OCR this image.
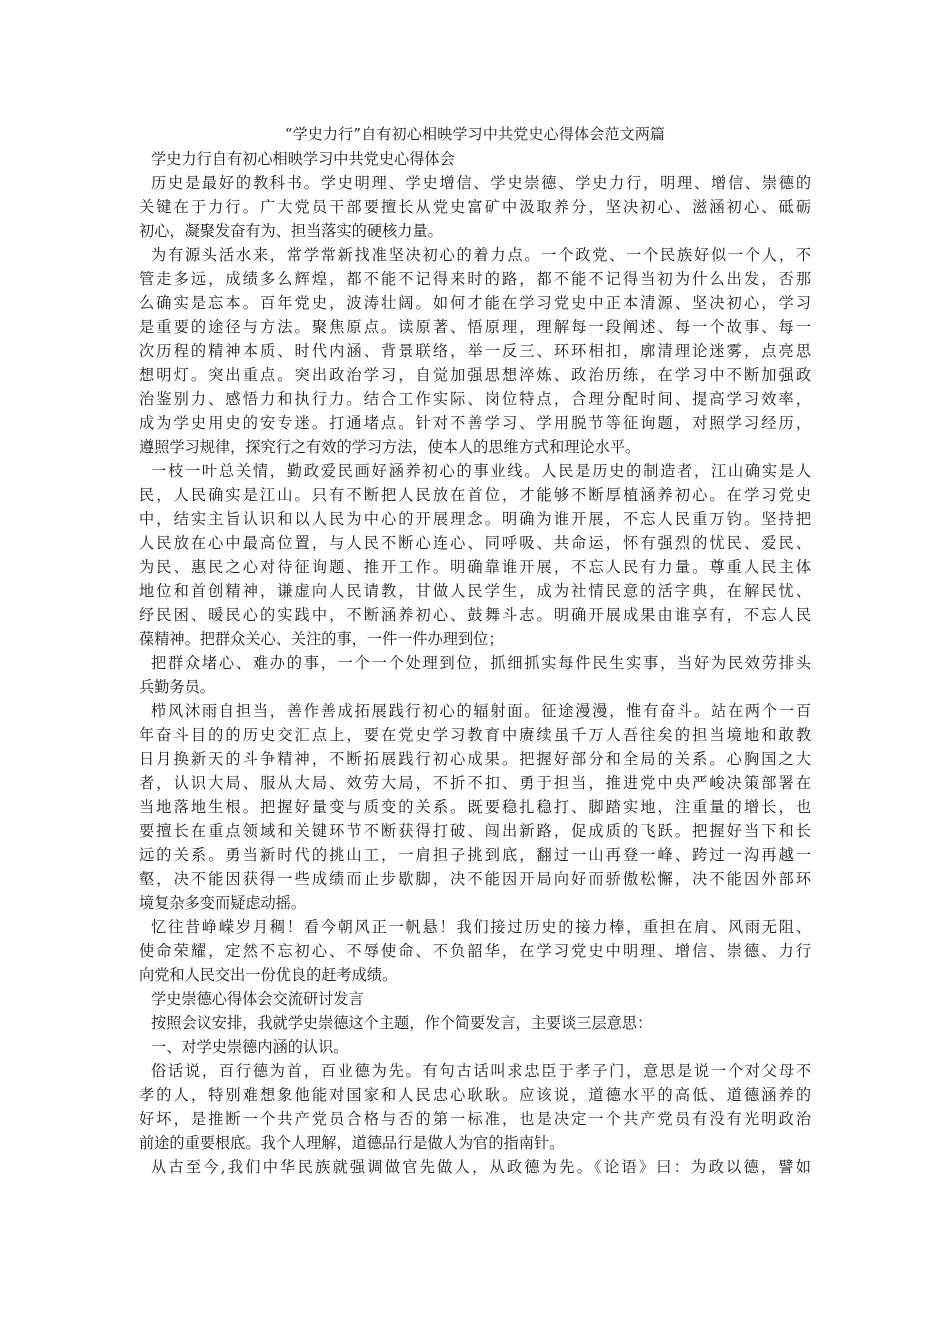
“学史力行”自有初心相映学习中共党史心得体会范文两篇
学史力行自有初心相映学习中共党史心得体会
历史是最好的教科书。学史明理、学史增信、学史崇德、学史力行，明理、增信、崇德的
关键在于力行。广大党员干部要擅长从党史富矿中汲取养分，坚决初心、滋涵初心、砥砺
初心，凝聚发奋有为、担当落实的硬核力量。
为有源头活水来，常学常新找准坚决初心的着力点。一个政党、一个民族好似一个人，不
管走多远，成绩多么辉煌，都不能不记得来时的路，都不能不记得当初为什么出发，否那
么确实是忘本。百年党史，波涛壮阔。如何才能在学习党史中正本清源、坚决初心，学习
是重要的途径与方法。聚焦原点。读原著、悟原理，理解每一段阐述、每一个故事、每一
次历程的精神本质、时代内涵、背景联络，举一反三、环环相扣，廓清理论迷雾，点亮思
想明灯。突出重点。突出政治学习，自觉加强思想淬炼、政治历练，在学习中不断加强政
治鉴别力、感悟力和执行力。结合工作实际、岗位特点，合理分配时间、提高学习效率，
成为学史用史的安专迷。打通堵点。针对不善学习、学用脱节等征询题，对照学习经历，
遵照学习规律，探究行之有效的学习方法，使本人的思维方式和理论水平。
一枝一叶总关情，勤政爱民画好涵养初心的事业线。人民是历史的制造者，江山确实是人
民，人民确实是江山。只有不断把人民放在首位，才能够不断厚植涵养初心。在学习党史
中，结实主旨认识和以人民为中心的开展理念。明确为谁开展，不忘人民重万钧。坚持把
人民放在心中最高位置，与人民不断心连心、同呼吸、共命运，怀有强烈的忧民、爱民、
为民、惠民之心对待征询题、推开工作。明确靠谁开展，不忘人民有力量。尊重人民主体
地位和首创精神，谦虚向人民请教，甘做人民学生，成为社情民意的活字典，在解民忧、
纾民困、暖民心的实践中，不断涵养初心、鼓舞斗志。明确开展成果由谁享有，不忘人民
葆精神。把群众关心、关注的事，一件一件办理到位；
把群众堵心、难办的事，一个一个处理到位，抓细抓实每件民生实事，当好为民效劳排头
兵勤务员。
栉风沐雨自担当，善作善成拓展践行初心的辐射面。征途漫漫，惟有奋斗。站在两个一百
年奋斗目的的历史交汇点上，要在党史学习教育中赓续虽千万人吾往矣的担当境地和敢教
日月换新天的斗争精神，不断拓展践行初心成果。把握好部分和全局的关系。心胸国之大
者，认识大局、服从大局、效劳大局，不折不扣、勇于担当，推进党中央严峻决策部署在
当地落地生根。把握好量变与质变的关系。既要稳扎稳打、脚踏实地，注重量的增长，也
要擅长在重点领域和关键环节不断获得打破、闯出新路，促成质的飞跃。把握好当下和长
远的关系。勇当新时代的挑山工，一肩担子挑到底，翻过一山再登一峰、跨过一沟再越一
壑，决不能因获得一些成绩而止步歇脚，决不能因开局向好而骄傲松懈，决不能因外部环
境复杂多变而疑虑动摇。
忆往昔峥嵘岁月稠！看今朝风正一帆悬！我们接过历史的接力棒，重担在肩、风雨无阻、
使命荣耀，定然不忘初心、不辱使命、不负韶华，在学习党史中明理、增信、崇德、力行
向党和人民交出一份优良的赶考成绩。
学史崇德心得体会交流研讨发言
按照会议安排，我就学史崇德这个主题，作个简要发言，主要谈三层意思：
一、对学史崇德内涵的认识。
俗话说，百行德为首，百业德为先。有句古话叫求忠臣于孝子门，意思是说一个对父母不
孝的人，特别难想象他能对国家和人民忠心耿耿。应该说，道德水平的高低、道德涵养的
好坏，是推断一个共产党员合格与否的第一标准，也是决定一个共产党员有没有光明政治
前途的重要根底。我个人理解，道德品行是做人为官的指南针。
从古至今,我们中华民族就强调做官先做人，从政德为先。《论语》曰：为政以德，譬如
